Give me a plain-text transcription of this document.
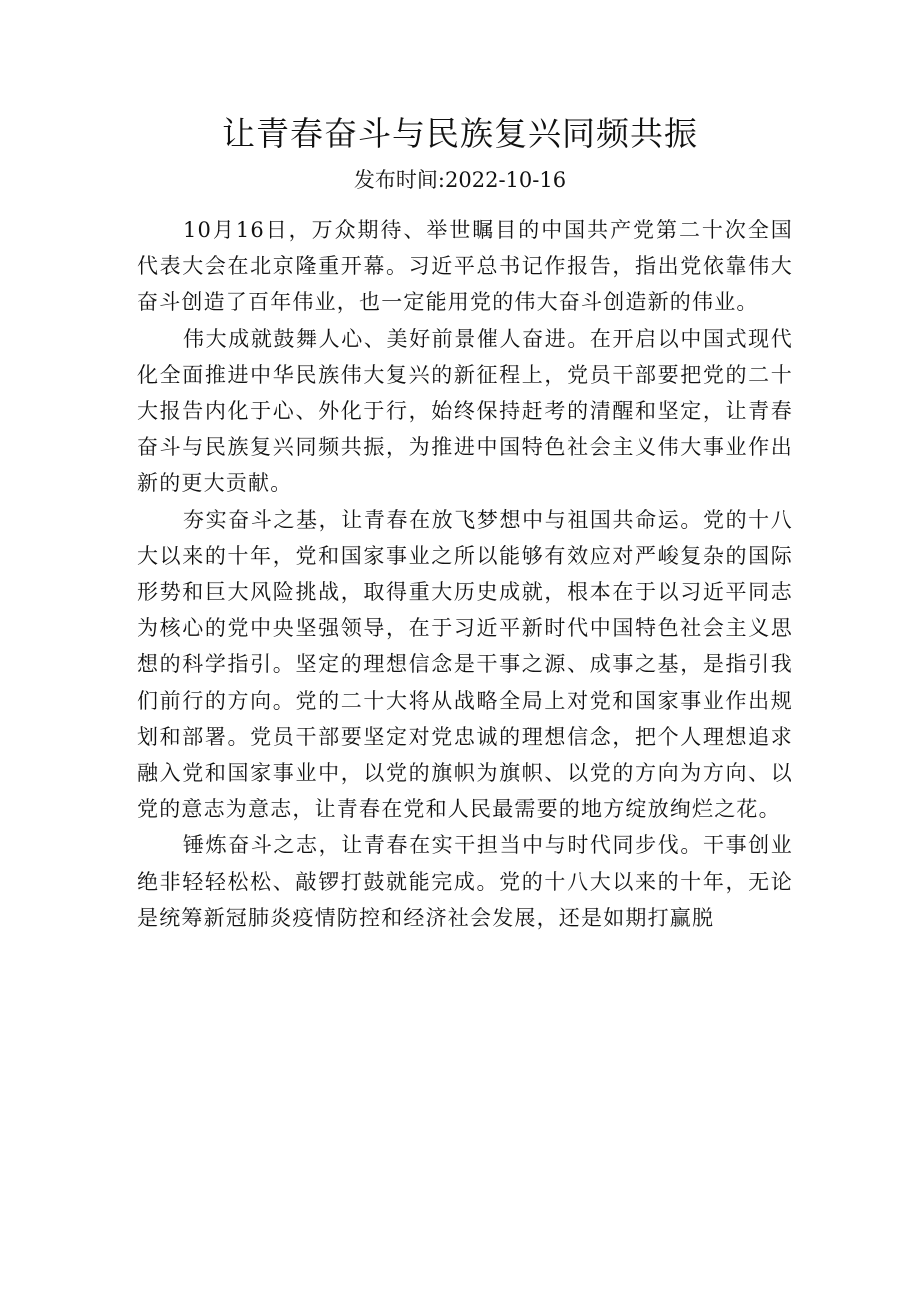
让青春奋斗与民族复兴同频共振
发布时间:2022-10-16

10月16日，万众期待、举世瞩目的中国共产党第二十次全国代表大会在北京隆重开幕。习近平总书记作报告，指出党依靠伟大奋斗创造了百年伟业，也一定能用党的伟大奋斗创造新的伟业。

伟大成就鼓舞人心、美好前景催人奋进。在开启以中国式现代化全面推进中华民族伟大复兴的新征程上，党员干部要把党的二十大报告内化于心、外化于行，始终保持赶考的清醒和坚定，让青春奋斗与民族复兴同频共振，为推进中国特色社会主义伟大事业作出新的更大贡献。

夯实奋斗之基，让青春在放飞梦想中与祖国共命运。党的十八大以来的十年，党和国家事业之所以能够有效应对严峻复杂的国际形势和巨大风险挑战，取得重大历史成就，根本在于以习近平同志为核心的党中央坚强领导，在于习近平新时代中国特色社会主义思想的科学指引。坚定的理想信念是干事之源、成事之基，是指引我们前行的方向。党的二十大将从战略全局上对党和国家事业作出规划和部署。党员干部要坚定对党忠诚的理想信念，把个人理想追求融入党和国家事业中，以党的旗帜为旗帜、以党的方向为方向、以党的意志为意志，让青春在党和人民最需要的地方绽放绚烂之花。

锤炼奋斗之志，让青春在实干担当中与时代同步伐。干事创业绝非轻轻松松、敲锣打鼓就能完成。党的十八大以来的十年，无论是统筹新冠肺炎疫情防控和经济社会发展，还是如期打赢脱
